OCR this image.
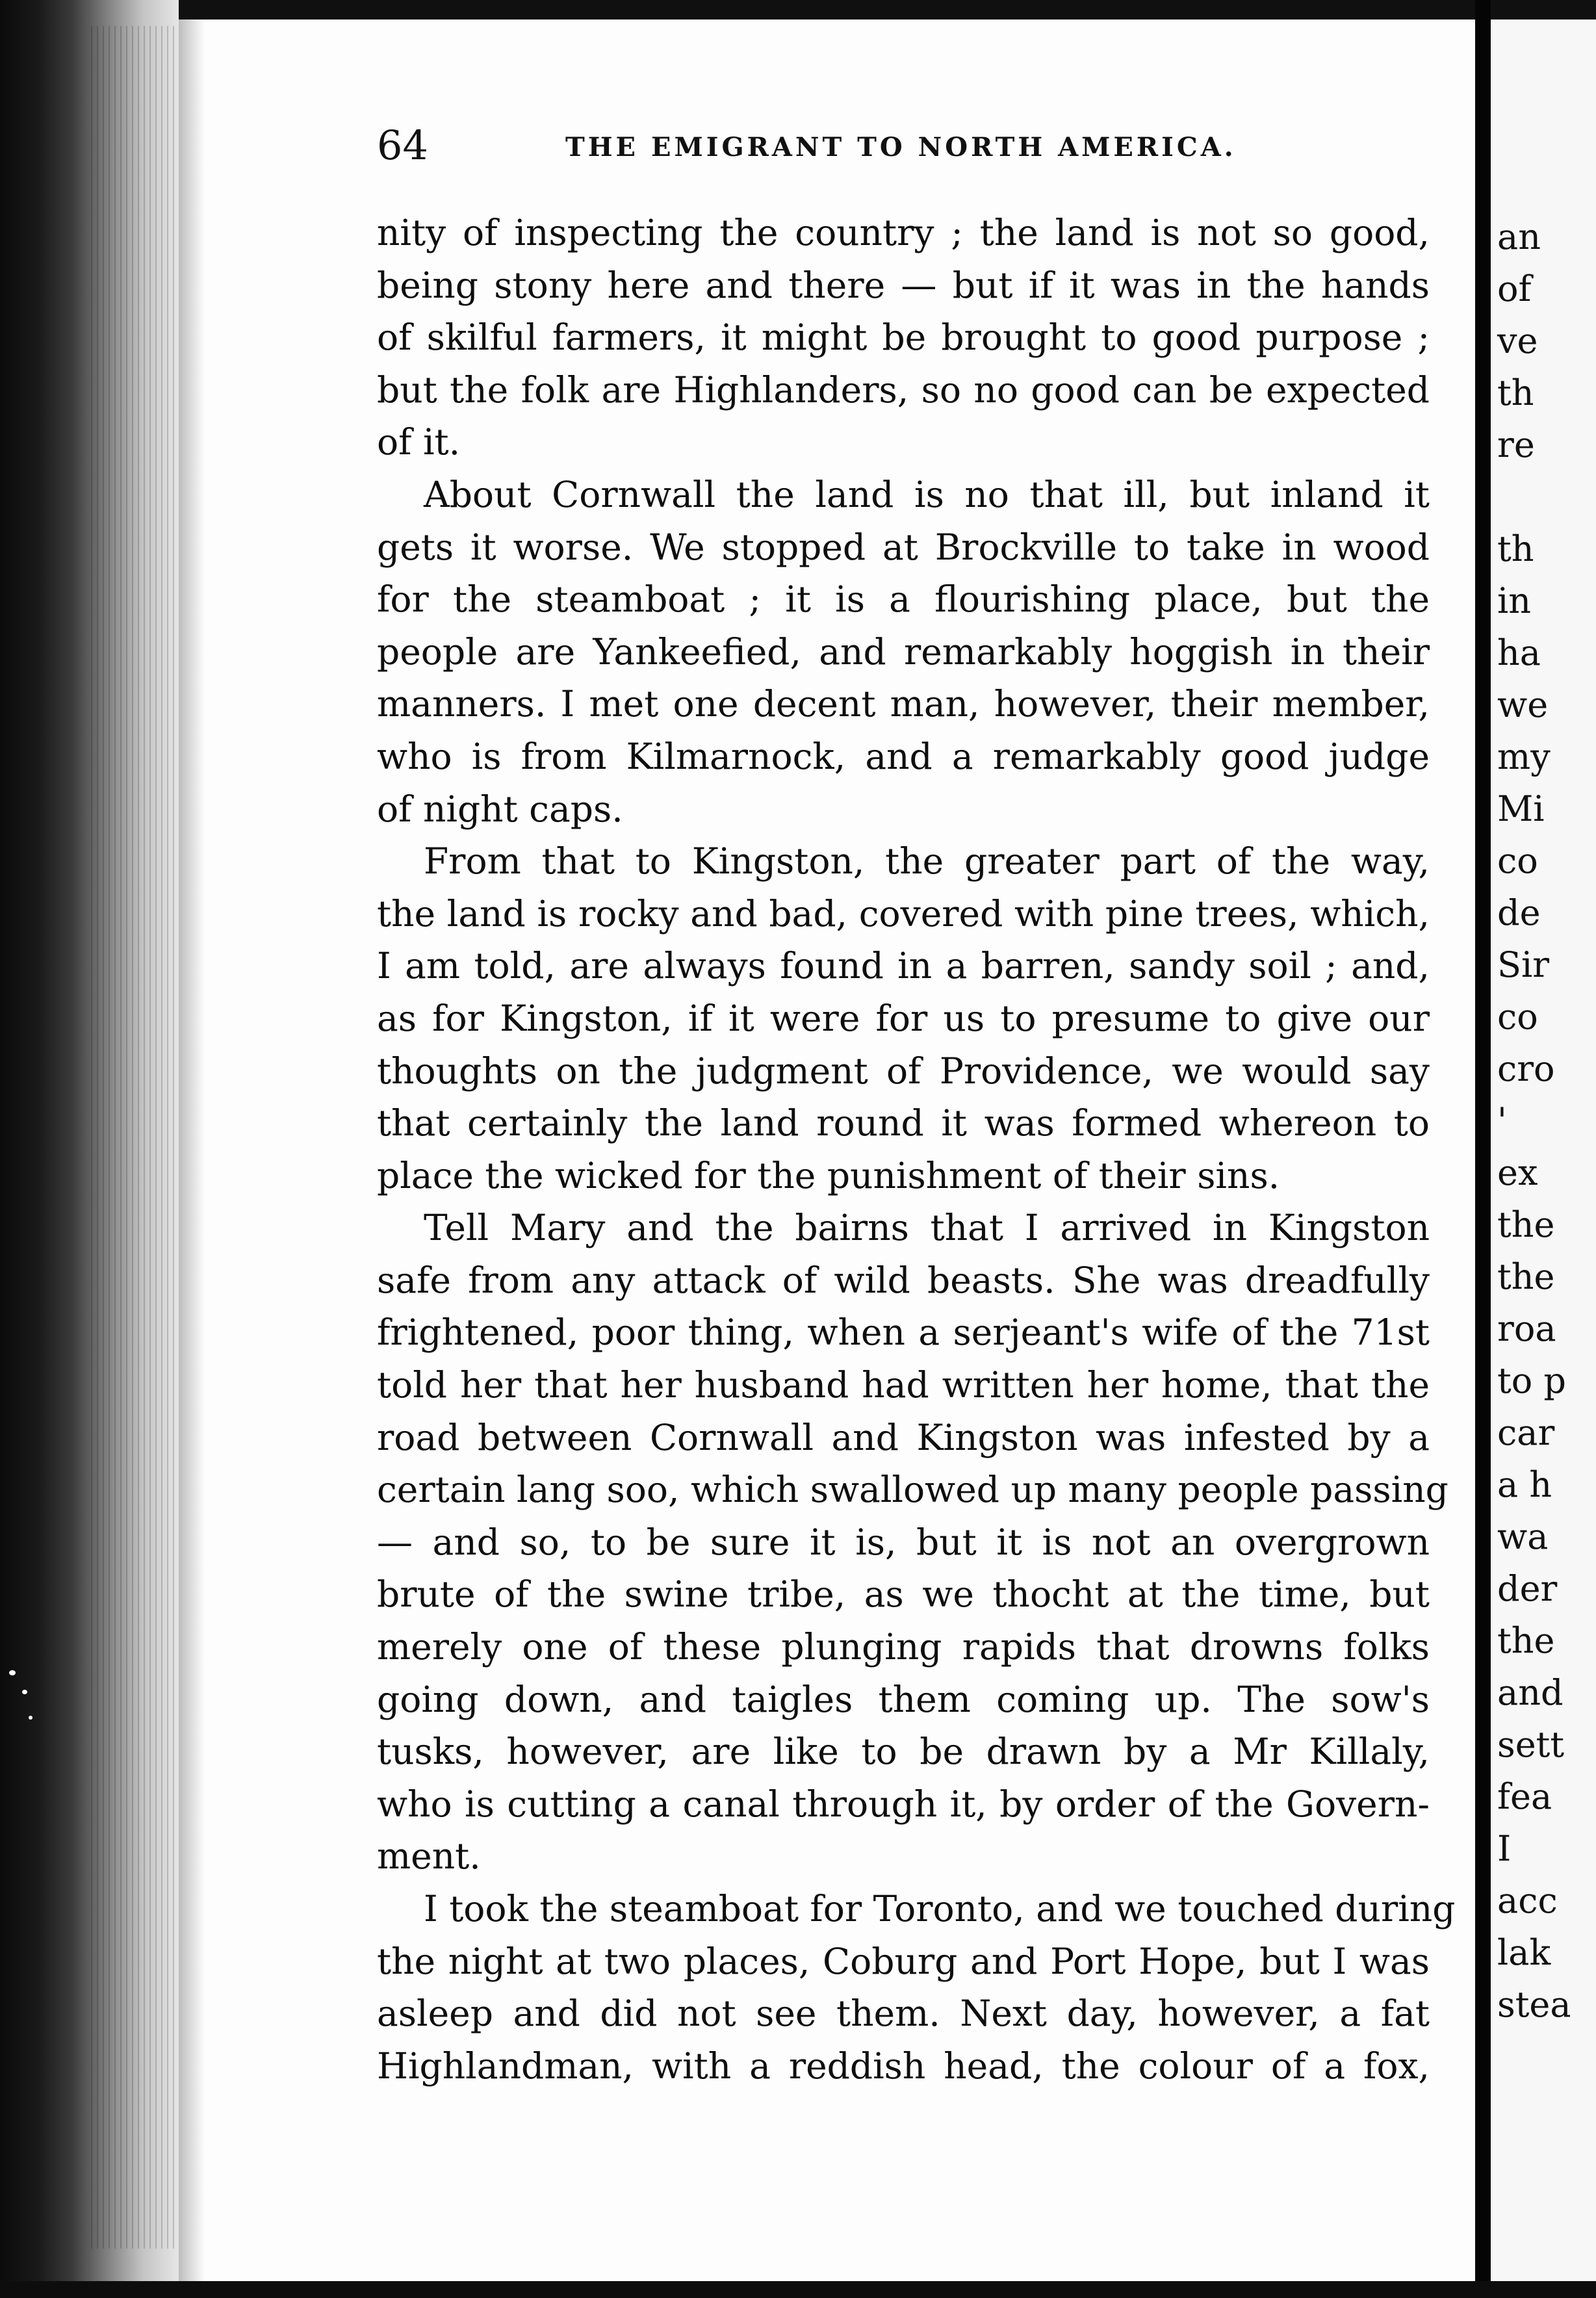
an
of
ve
th
re
th
in
ha
we
my
Mi
co
de
Sir
co
cro
'
ex
the
the
roa
to p
car
a h
wa
der
the
and
sett
fea
I
acc
lak
stea
64	THE EMIGRANT TO NORTH AMERICA.
nity of inspecting the country ; the land is not so good,
being stony here and there — but if it was in the hands
of skilful farmers, it might be brought to good purpose ;
but the folk are Highlanders, so no good can be expected
of it.
About Cornwall the land is no that ill, but inland it
gets it worse. We stopped at Brockville to take in wood
for the steamboat ; it is a flourishing place, but the
people are Yankeefied, and remarkably hoggish in their
manners. I met one decent man, however, their member,
who is from Kilmarnock, and a remarkably good judge
of night caps.
From that to Kingston, the greater part of the way,
the land is rocky and bad, covered with pine trees, which,
I am told, are always found in a barren, sandy soil ; and,
as for Kingston, if it were for us to presume to give our
thoughts on the judgment of Providence, we would say
that certainly the land round it was formed whereon to
place the wicked for the punishment of their sins.
Tell Mary and the bairns that I arrived in Kingston
safe from any attack of wild beasts. She was dreadfully
frightened, poor thing, when a serjeant's wife of the 71st
told her that her husband had written her home, that the
road between Cornwall and Kingston was infested by a
certain lang soo, which swallowed up many people passing
— and so, to be sure it is, but it is not an overgrown
brute of the swine tribe, as we thocht at the time, but
merely one of these plunging rapids that drowns folks
going down, and taigles them coming up. The sow's
tusks, however, are like to be drawn by a Mr Killaly,
who is cutting a canal through it, by order of the Govern-
ment.
I took the steamboat for Toronto, and we touched during
the night at two places, Coburg and Port Hope, but I was
asleep and did not see them. Next day, however, a fat
Highlandman, with a reddish head, the colour of a fox,
